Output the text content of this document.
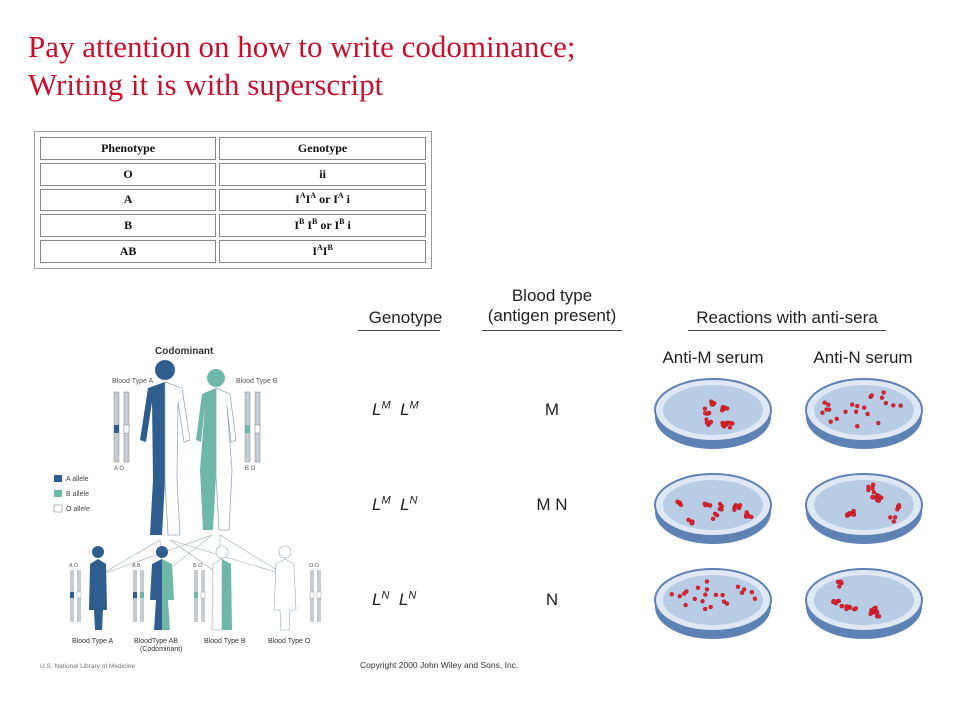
Pay attention on how to write codominance;
Writing it is with superscript
Phenotype	Genotype
O	ii
A	$I^AI^A$ or $I^A$ i
B	$I^B$ $I^B$ or $I^B$ i
AB	$I^AI^B$
Codominant
Blood Type A	Blood Type B
A O	B O
A allele
B allele
O allele
A O	A B	B O	O O
Blood Type A	BloodType AB (Codominant)
Blood Type B	Blood Type O
U.S. National Library of Medicine
Genotype
Blood type
(antigen present)	Reactions with anti-sera
Anti-M serum	Anti-N serum
$L^M$  $L^M$	M
$L^M$  $L^N$	M N
$L^N$  $L^N$	N
Copyright 2000 John Wiley and Sons, Inc.
